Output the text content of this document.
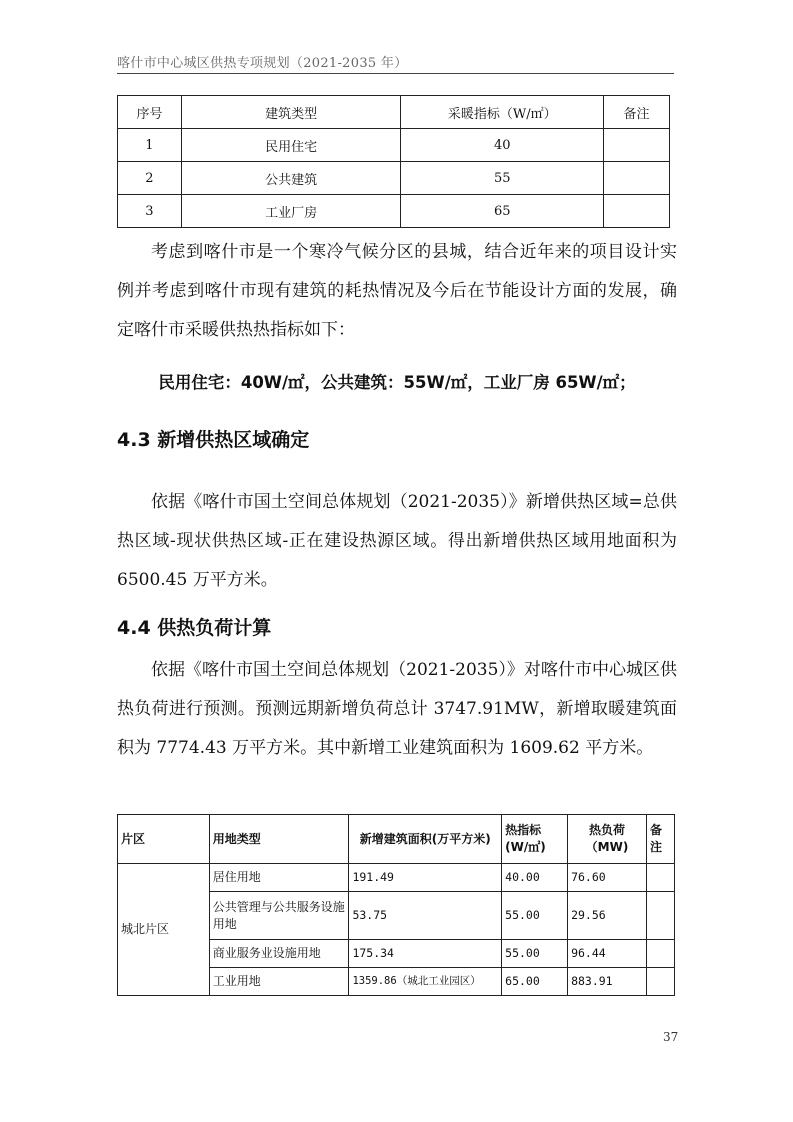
喀什市中心城区供热专项规划（2021-2035 年）
序号	建筑类型	采暖指标（W/㎡）	备注
1	民用住宅	40	
2	公共建筑	55	
3	工业厂房	65	

考虑到喀什市是一个寒冷气候分区的县城，结合近年来的项目设计实例并考虑到喀什市现有建筑的耗热情况及今后在节能设计方面的发展，确定喀什市采暖供热热指标如下：

民用住宅：40W/㎡，公共建筑：55W/㎡，工业厂房 65W/㎡；
4.3 新增供热区域确定

依据《喀什市国土空间总体规划（2021-2035）》新增供热区域=总供热区域-现状供热区域-正在建设热源区域。得出新增供热区域用地面积为 6500.45 万平方米。

4.4 供热负荷计算

依据《喀什市国土空间总体规划（2021-2035）》对喀什市中心城区供热负荷进行预测。预测远期新增负荷总计 3747.91MW，新增取暖建筑面积为 7774.43 万平方米。其中新增工业建筑面积为 1609.62 平方米。

片区	用地类型	新增建筑面积(万平方米)	热指标(W/㎡)	热负荷（MW)	备注
城北片区	居住用地	191.49	40.00	76.60	
	公共管理与公共服务设施用地	53.75	55.00	29.56	
	商业服务业设施用地	175.34	55.00	96.44	
	工业用地	1359.86（城北工业园区）	65.00	883.91	
37
